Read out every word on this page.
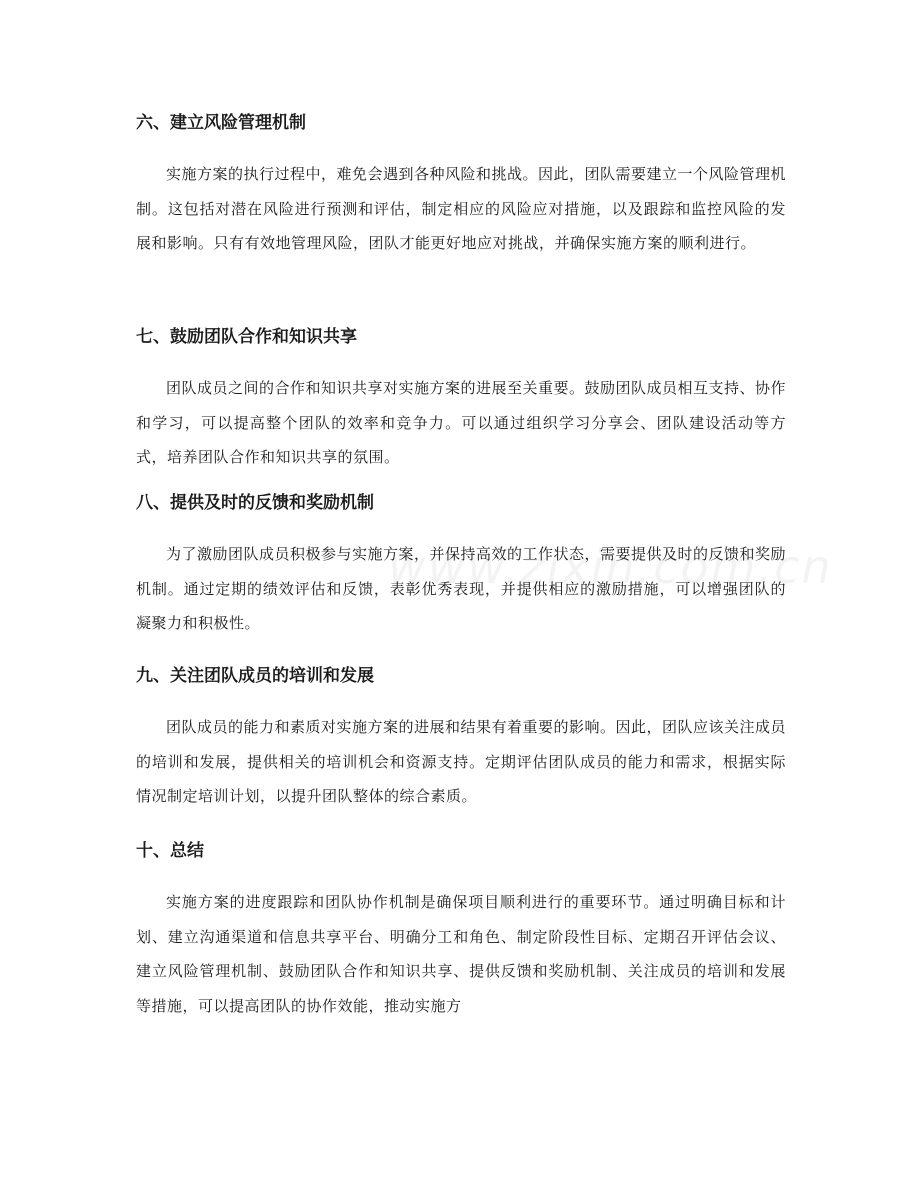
六、建立风险管理机制

实施方案的执行过程中，难免会遇到各种风险和挑战。因此，团队需要建立一个风险管理机制。这包括对潜在风险进行预测和评估，制定相应的风险应对措施，以及跟踪和监控风险的发展和影响。只有有效地管理风险，团队才能更好地应对挑战，并确保实施方案的顺利进行。

七、鼓励团队合作和知识共享

团队成员之间的合作和知识共享对实施方案的进展至关重要。鼓励团队成员相互支持、协作和学习，可以提高整个团队的效率和竞争力。可以通过组织学习分享会、团队建设活动等方式，培养团队合作和知识共享的氛围。

八、提供及时的反馈和奖励机制

为了激励团队成员积极参与实施方案，并保持高效的工作状态，需要提供及时的反馈和奖励机制。通过定期的绩效评估和反馈，表彰优秀表现，并提供相应的激励措施，可以增强团队的凝聚力和积极性。

九、关注团队成员的培训和发展

团队成员的能力和素质对实施方案的进展和结果有着重要的影响。因此，团队应该关注成员的培训和发展，提供相关的培训机会和资源支持。定期评估团队成员的能力和需求，根据实际情况制定培训计划，以提升团队整体的综合素质。

十、总结

实施方案的进度跟踪和团队协作机制是确保项目顺利进行的重要环节。通过明确目标和计划、建立沟通渠道和信息共享平台、明确分工和角色、制定阶段性目标、定期召开评估会议、建立风险管理机制、鼓励团队合作和知识共享、提供反馈和奖励机制、关注成员的培训和发展等措施，可以提高团队的协作效能，推动实施方
